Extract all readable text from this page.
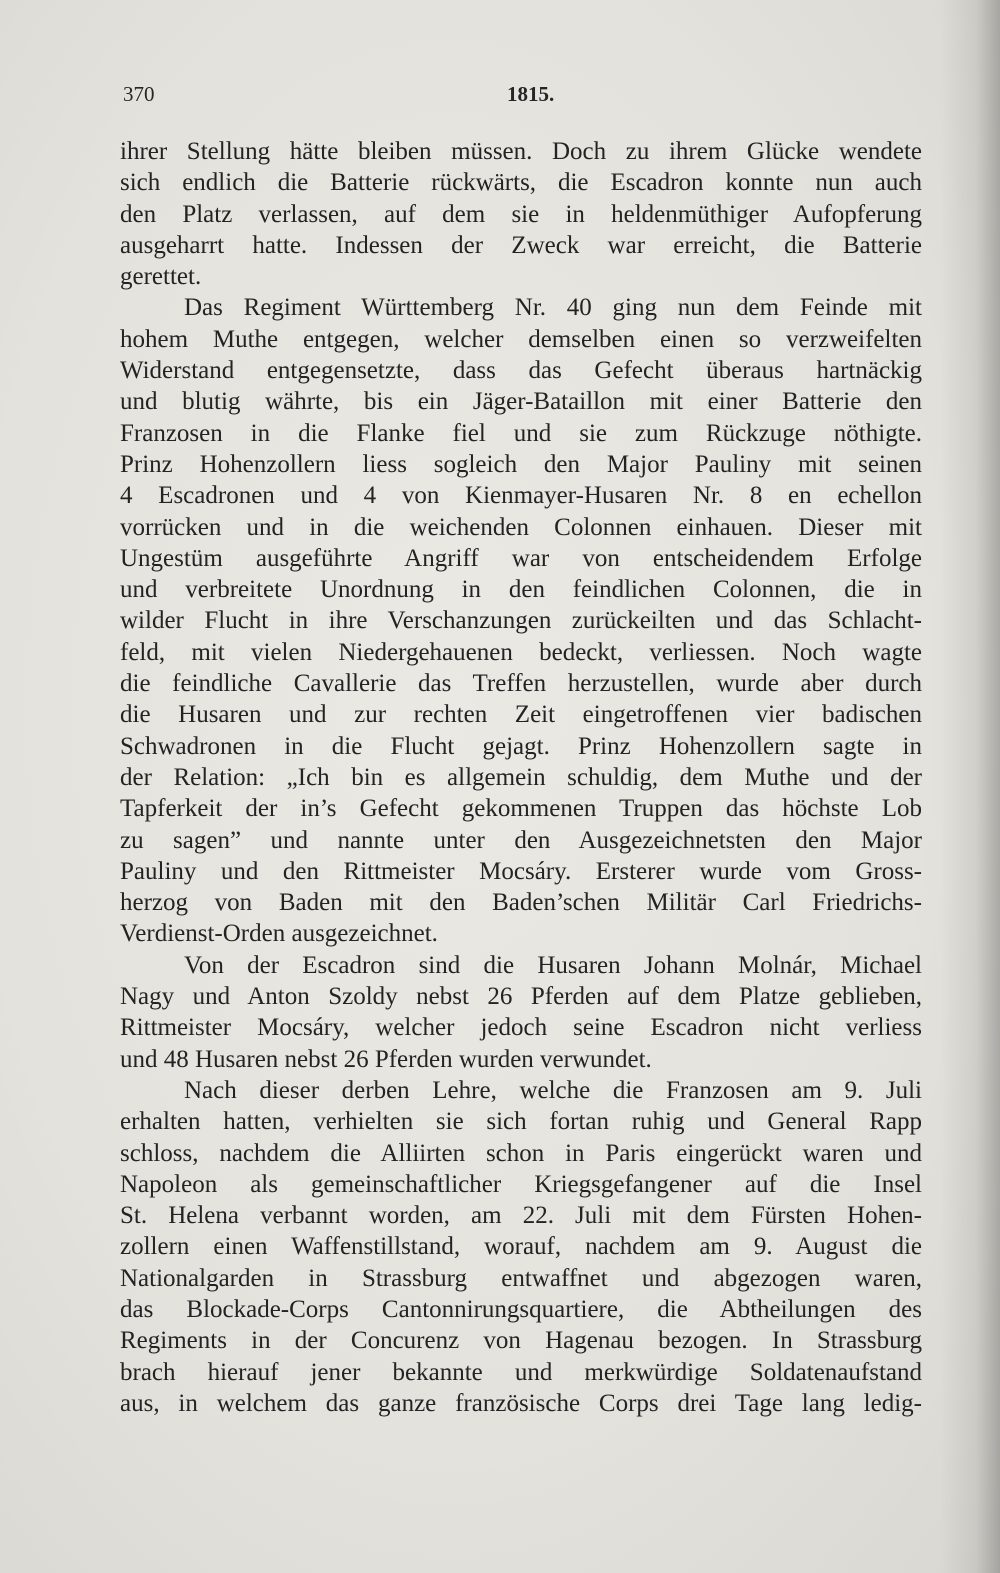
370	1815.
ihrer Stellung hätte bleiben müssen. Doch zu ihrem Glücke wendete
sich endlich die Batterie rückwärts, die Escadron konnte nun auch
den Platz verlassen, auf dem sie in heldenmüthiger Aufopferung
ausgeharrt hatte. Indessen der Zweck war erreicht, die Batterie
gerettet.
Das Regiment Württemberg Nr. 40 ging nun dem Feinde mit
hohem Muthe entgegen, welcher demselben einen so verzweifelten
Widerstand entgegensetzte, dass das Gefecht überaus hartnäckig
und blutig währte, bis ein Jäger-Bataillon mit einer Batterie den
Franzosen in die Flanke fiel und sie zum Rückzuge nöthigte.
Prinz Hohenzollern liess sogleich den Major Pauliny mit seinen
4 Escadronen und 4 von Kienmayer-Husaren Nr. 8 en echellon
vorrücken und in die weichenden Colonnen einhauen. Dieser mit
Ungestüm ausgeführte Angriff war von entscheidendem Erfolge
und verbreitete Unordnung in den feindlichen Colonnen, die in
wilder Flucht in ihre Verschanzungen zurückeilten und das Schlacht-
feld, mit vielen Niedergehauenen bedeckt, verliessen. Noch wagte
die feindliche Cavallerie das Treffen herzustellen, wurde aber durch
die Husaren und zur rechten Zeit eingetroffenen vier badischen
Schwadronen in die Flucht gejagt. Prinz Hohenzollern sagte in
der Relation: „Ich bin es allgemein schuldig, dem Muthe und der
Tapferkeit der in’s Gefecht gekommenen Truppen das höchste Lob
zu sagen” und nannte unter den Ausgezeichnetsten den Major
Pauliny und den Rittmeister Mocsáry. Ersterer wurde vom Gross-
herzog von Baden mit den Baden’schen Militär Carl Friedrichs-
Verdienst-Orden ausgezeichnet.
Von der Escadron sind die Husaren Johann Molnár, Michael
Nagy und Anton Szoldy nebst 26 Pferden auf dem Platze geblieben,
Rittmeister Mocsáry, welcher jedoch seine Escadron nicht verliess
und 48 Husaren nebst 26 Pferden wurden verwundet.
Nach dieser derben Lehre, welche die Franzosen am 9. Juli
erhalten hatten, verhielten sie sich fortan ruhig und General Rapp
schloss, nachdem die Alliirten schon in Paris eingerückt waren und
Napoleon als gemeinschaftlicher Kriegsgefangener auf die Insel
St. Helena verbannt worden, am 22. Juli mit dem Fürsten Hohen-
zollern einen Waffenstillstand, worauf, nachdem am 9. August die
Nationalgarden in Strassburg entwaffnet und abgezogen waren,
das Blockade-Corps Cantonnirungsquartiere, die Abtheilungen des
Regiments in der Concurenz von Hagenau bezogen. In Strassburg
brach hierauf jener bekannte und merkwürdige Soldatenaufstand
aus, in welchem das ganze französische Corps drei Tage lang ledig-
